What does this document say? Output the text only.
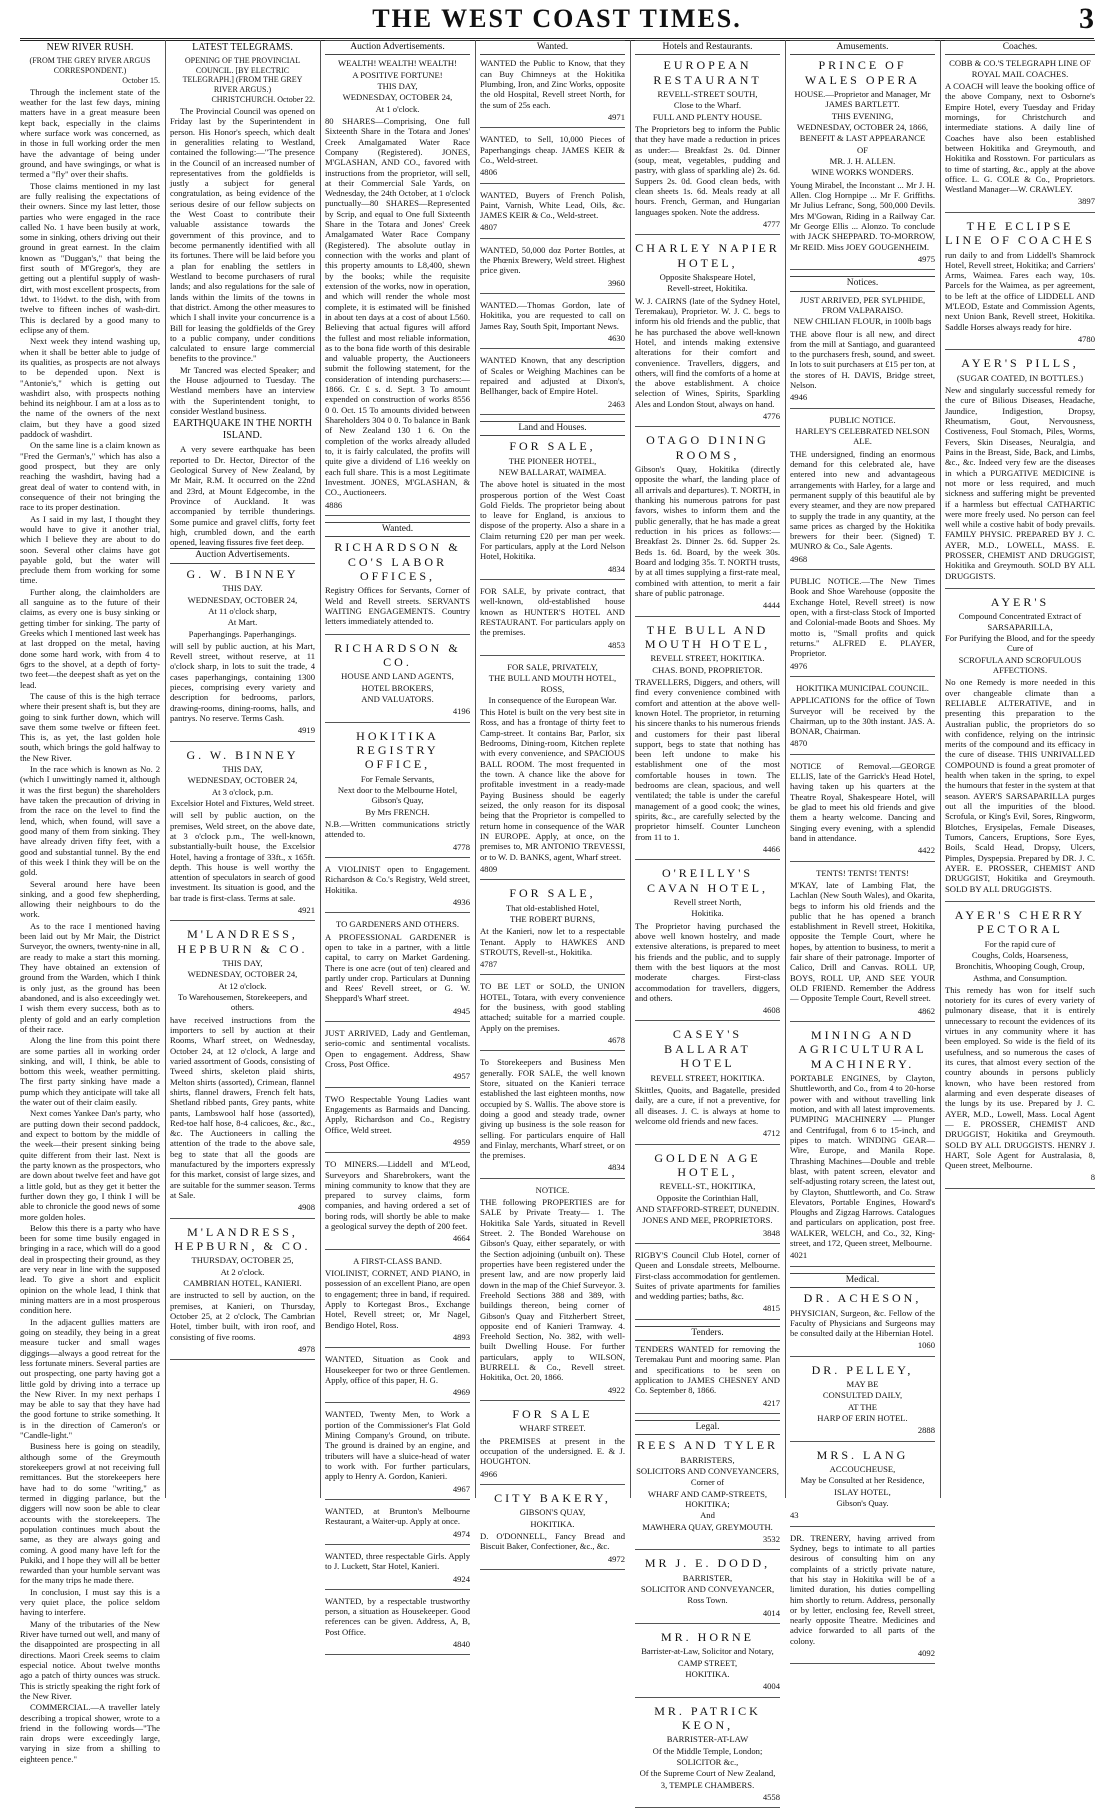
THE WEST COAST TIMES.	3
NEW RIVER RUSH.
(FROM THE GREY RIVER ARGUS CORRESPONDENT.)
October 15.

Through the inclement state of the weather for the last few days, mining matters have in a great measure been kept back, especially in the claims where surface work was concerned, as in those in full working order the men have the advantage of being under ground, and have swingings, or what is termed a "fly" over their shafts.

Those claims mentioned in my last are fully realising the expectations of their owners. Since my last letter, those parties who were engaged in the race called No. 1 have been busily at work, some in sinking, others driving out their ground in great earnest. In the claim known as "Duggan's," that being the first south of M'Gregor's, they are getting out a plentiful supply of wash-dirt, with most excellent prospects, from 1dwt. to 1½dwt. to the dish, with from twelve to fifteen inches of wash-dirt. This is declared by a good many to eclipse any of them.

Next week they intend washing up, when it shall be better able to judge of its qualities, as prospects are not always to be depended upon. Next is "Antonie's," which is getting out washdirt also, with prospects nothing behind its neighbour. I am at a loss as to the name of the owners of the next claim, but they have a good sized paddock of washdirt.

On the same line is a claim known as "Fred the German's," which has also a good prospect, but they are only reaching the washdirt, having had a great deal of water to contend with, in consequence of their not bringing the race to its proper destination.

As I said in my last, I thought they would have to give it another trial, which I believe they are about to do soon. Several other claims have got payable gold, but the water will preclude them from working for some time.

Further along, the claimholders are all sanguine as to the future of their claims, as every one is busy sinking or getting timber for sinking. The party of Greeks which I mentioned last week has at last dropped on the metal, having done some hard work, with from 4 to 6grs to the shovel, at a depth of forty-two feet—the deepest shaft as yet on the lead.

The cause of this is the high terrace where their present shaft is, but they are going to sink further down, which will save them some twelve or fifteen feet. This is, as yet, the last golden hole south, which brings the gold halfway to the New River.

In the race which is known as No. 2 (which I unwittingly named it, although it was the first begun) the shareholders have taken the precaution of driving in from the race on the level to find the lend, which, when found, will save a good many of them from sinking. They have already driven fifty feet, with a good and substantial tunnel. By the end of this week I think they will be on the gold.

Several around here have been sinking, and a good few shepherding, allowing their neighbours to do the work.

As to the race I mentioned having been laid out by Mr Mair, the District Surveyor, the owners, twenty-nine in all, are ready to make a start this morning. They have obtained an extension of ground from the Warden, which I think is only just, as the ground has been abandoned, and is also exceedingly wet. I wish them every success, both as to plenty of gold and an early completion of their race.

Along the line from this point there are some parties all in working order sinking, and will, I think, be able to bottom this week, weather permitting. The first party sinking have made a pump which they anticipate will take all the water out of their claim easily.

Next comes Yankee Dan's party, who are putting down their second paddock, and expect to bottom by the middle of the week—their present sinking being quite different from their last. Next is the party known as the prospectors, who are down about twelve feet and have got a little gold, but as they get it better the further down they go, I think I will be able to chronicle the good news of some more golden holes.

Below this there is a party who have been for some time busily engaged in bringing in a race, which will do a good deal in prospecting their ground, as they are very near in line with the supposed lead. To give a short and explicit opinion on the whole lead, I think that mining matters are in a most prosperous condition here.

In the adjacent gullies matters are going on steadily, they being in a great measure tucker and small wages diggings—always a good retreat for the less fortunate miners. Several parties are out prospecting, one party having got a little gold by driving into a terrace up the New River. In my next perhaps I may be able to say that they have had the good fortune to strike something. It is in the direction of Cameron's or "Candle-light."

Business here is going on steadily, although some of the Greymouth storekeepers growl at not receiving full remittances. But the storekeepers here have had to do some "writing," as termed in digging parlance, but the diggers will now soon be able to clear accounts with the storekeepers. The population continues much about the same, as they are always going and coming. A good many have left for the Pukiki, and I hope they will all be better rewarded than your humble servant was for the many trips he made there.

In conclusion, I must say this is a very quiet place, the police seldom having to interfere.

Many of the tributaries of the New River have turned out well, and many of the disappointed are prospecting in all directions. Maori Creek seems to claim especial notice. About twelve months ago a patch of thirty ounces was struck. This is strictly speaking the right fork of the New River.

COMMERCIAL.—A traveller lately describing a tropical shower, wrote to a friend in the following words—"The rain drops were exceedingly large, varying in size from a shilling to eighteen pence."

LATEST TELEGRAMS.
OPENING OF THE PROVINCIAL COUNCIL. [BY ELECTRIC TELEGRAPH.] (FROM THE GREY RIVER ARGUS.)
CHRISTCHURCH. October 22.

The Provincial Council was opened on Friday last by the Superintendent in person. His Honor's speech, which dealt in generalities relating to Westland, contained the following:—"The presence in the Council of an increased number of representatives from the goldfields is justly a subject for general congratulation, as being evidence of the serious desire of our fellow subjects on the West Coast to contribute their valuable assistance towards the government of this province, and to become permanently identified with all its fortunes. There will be laid before you a plan for enabling the settlers in Westland to become purchasers of rural lands; and also regulations for the sale of lands within the limits of the towns in that district. Among the other measures to which I shall invite your concurrence is a Bill for leasing the goldfields of the Grey to a public company, under conditions calculated to ensure large commercial benefits to the province."

Mr Tancred was elected Speaker; and the House adjourned to Tuesday. The Westland members have an interview with the Superintendent tonight, to consider Westland business.

EARTHQUAKE IN THE NORTH ISLAND.

A very severe earthquake has been reported to Dr. Hector, Director of the Geological Survey of New Zealand, by Mr Mair, R.M. It occurred on the 22nd and 23rd, at Mount Edgecombe, in the Province of Auckland. It was accompanied by terrible thunderings. Some pumice and gravel cliffs, forty feet high, crumbled down, and the earth opened, leaving fissures five feet deep.

Auction Advertisements.
G. W. BINNEY
THIS DAY.
WEDNESDAY, OCTOBER 24,
At 11 o'clock sharp,
At Mart.
Paperhangings. Paperhangings.
will sell by public auction, at his Mart, Revell street, without reserve, at 11 o'clock sharp, in lots to suit the trade, 4 cases paperhangings, containing 1300 pieces, comprising every variety and description for bedrooms, parlors, drawing-rooms, dining-rooms, halls, and pantrys. No reserve. Terms Cash.
4919
G. W. BINNEY
THIS DAY,
WEDNESDAY, OCTOBER 24,
At 3 o'clock, p.m.
Excelsior Hotel and Fixtures, Weld street.
will sell by public auction, on the premises, Weld street, on the above date, at 3 o'clock p.m., The well-known, substantially-built house, the Excelsior Hotel, having a frontage of 33ft., x 165ft. depth. This house is well worthy the attention of speculators in search of good investment. Its situation is good, and the bar trade is first-class. Terms at sale.
4921
M'LANDRESS, HEPBURN & CO.
THIS DAY,
WEDNESDAY, OCTOBER 24,
At 12 o'clock.
To Warehousemen, Storekeepers, and others.
have received instructions from the importers to sell by auction at their Rooms, Wharf street, on Wednesday, October 24, at 12 o'clock, A large and varied assortment of Goods, consisting of Tweed shirts, skeleton plaid shirts, Melton shirts (assorted), Crimean, flannel shirts, flannel drawers, French felt hats, Shetland ribbed pants, Grey pants, white pants, Lambswool half hose (assorted), Red-toe half hose, 8-4 calicoes, &c., &c., &c. The Auctioneers in calling the attention of the trade to the above sale, beg to state that all the goods are manufactured by the importers expressly for this market, consist of large sizes, and are suitable for the summer season. Terms at Sale.
4908
M'LANDRESS, HEPBURN, & CO.
THURSDAY, OCTOBER 25,
At 2 o'clock.
CAMBRIAN HOTEL, KANIERI.
are instructed to sell by auction, on the premises, at Kanieri, on Thursday, October 25, at 2 o'clock, The Cambrian Hotel, timber built, with iron roof, and consisting of five rooms.
4978
Auction Advertisements.
WEALTH! WEALTH! WEALTH!
A POSITIVE FORTUNE!
THIS DAY,
WEDNESDAY, OCTOBER 24,
At 1 o'clock.
80 SHARES—Comprising, One full Sixteenth Share in the Totara and Jones' Creek Amalgamated Water Race Company (Registered). JONES, M'GLASHAN, AND CO., favored with instructions from the proprietor, will sell, at their Commercial Sale Yards, on Wednesday, the 24th October, at 1 o'clock punctually—80 SHARES—Represented by Scrip, and equal to One full Sixteenth Share in the Totara and Jones' Creek Amalgamated Water Race Company (Registered). The absolute outlay in connection with the works and plant of this property amounts to L8,400, shewn by the books; while the requisite extension of the works, now in operation, and which will render the whole most complete, it is estimated will be finished in about ten days at a cost of about L560. Believing that actual figures will afford the fullest and most reliable information, as to the bona fide worth of this desirable and valuable property, the Auctioneers submit the following statement, for the consideration of intending purchasers:— 1866. Cr. £ s. d. Sept. 3 To amount expended on construction of works 8556 0 0. Oct. 15 To amounts divided between Shareholders 304 0 0. To balance in Bank of New Zealand 130 1 6. On the completion of the works already alluded to, it is fairly calculated, the profits will quite give a dividend of L16 weekly on each full share. This is a most Legitimate Investment. JONES, M'GLASHAN, & CO., Auctioneers.
4886
Wanted.
RICHARDSON & CO'S LABOR OFFICES,
Registry Offices for Servants, Corner of Weld and Revell streets. SERVANTS WAITING ENGAGEMENTS. Country letters immediately attended to.
RICHARDSON & CO.
HOUSE AND LAND AGENTS,
HOTEL BROKERS,
AND VALUATORS.
4196
HOKITIKA REGISTRY OFFICE,
For Female Servants,
Next door to the Melbourne Hotel, Gibson's Quay,
By Mrs FRENCH.
N.B.—Written communications strictly attended to.
4778
A VIOLINIST open to Engagement. Richardson & Co.'s Registry, Weld street, Hokitika.
4936
TO GARDENERS AND OTHERS.
A PROFESSIONAL GARDENER is open to take in a partner, with a little capital, to carry on Market Gardening. There is one acre (out of ten) cleared and partly under crop. Particulars at Dunning and Rees' Revell street, or G. W. Sheppard's Wharf street.
4945
JUST ARRIVED, Lady and Gentleman, serio-comic and sentimental vocalists. Open to engagement. Address, Shaw Cross, Post Office.
4957
TWO Respectable Young Ladies want Engagements as Barmaids and Dancing. Apply, Richardson and Co., Registry Office, Weld street.
4959
TO MINERS.—Liddell and M'Leod, Surveyors and Sharebrokers, want the mining community to know that they are prepared to survey claims, form companies, and having ordered a set of boring rods, will shortly be able to make a geological survey the depth of 200 feet.
4664
A FIRST-CLASS BAND.
VIOLINIST, CORNET, AND PIANO, in possession of an excellent Piano, are open to engagement; three in band, if required. Apply to Kortegast Bros., Exchange Hotel, Revell street; or, Mr Nagel, Bendigo Hotel, Ross.
4893
WANTED, Situation as Cook and Housekeeper for two or three Gentlemen. Apply, office of this paper, H. G.
4969
WANTED, Twenty Men, to Work a portion of the Commissioner's Flat Gold Mining Company's Ground, on tribute. The ground is drained by an engine, and tributers will have a sluice-head of water to work with. For further particulars, apply to Henry A. Gordon, Kanieri.
4967
WANTED, at Brunton's Melbourne Restaurant, a Waiter-up. Apply at once.
4974
WANTED, three respectable Girls. Apply to J. Luckett, Star Hotel, Kanieri.
4924
WANTED, by a respectable trustworthy person, a situation as Housekeeper. Good references can be given. Address, A, B, Post Office.
4840
Wanted.
WANTED the Public to Know, that they can Buy Chimneys at the Hokitika Plumbing, Iron, and Zinc Works, opposite the old Hospital, Revell street North, for the sum of 25s each.
4971
WANTED, to Sell, 10,000 Pieces of Paperhangings cheap. JAMES KEIR & Co., Weld-street.
4806
WANTED, Buyers of French Polish, Paint, Varnish, White Lead, Oils, &c. JAMES KEIR & Co., Weld-street.
4807
WANTED, 50,000 doz Porter Bottles, at the Phœnix Brewery, Weld street. Highest price given.
3960
WANTED.—Thomas Gordon, late of Hokitika, you are requested to call on James Ray, South Spit, Important News.
4630
WANTED Known, that any description of Scales or Weighing Machines can be repaired and adjusted at Dixon's, Bellhanger, back of Empire Hotel.
2463
Land and Houses.
FOR SALE,
THE PIONEER HOTEL,
NEW BALLARAT, WAIMEA.
The above hotel is situated in the most prosperous portion of the West Coast Gold Fields. The proprietor being about to leave for England, is anxious to dispose of the property. Also a share in a Claim returning £20 per man per week. For particulars, apply at the Lord Nelson Hotel, Hokitika.
4834
FOR SALE, by private contract, that well-known, old-established house known as HUNTER'S HOTEL AND RESTAURANT. For particulars apply on the premises.
4853
FOR SALE, PRIVATELY,
THE BULL AND MOUTH HOTEL, ROSS,
In consequence of the European War.
This Hotel is built on the very best site in Ross, and has a frontage of thirty feet to Camp-street. It contains Bar, Parlor, six Bedrooms, Dining-room, Kitchen replete with every convenience, and SPACIOUS BALL ROOM. The most frequented in the town. A chance like the above for profitable investment in a ready-made Paying Business should be eagerly seized, the only reason for its disposal being that the Proprietor is compelled to return home in consequence of the WAR IN EUROPE. Apply, at once, on the premises to, MR ANTONIO TREVESSI, or to W. D. BANKS, agent, Wharf street.
4809
FOR SALE,
That old-established Hotel,
THE ROBERT BURNS,
At the Kanieri, now let to a respectable Tenant. Apply to HAWKES AND STROUTS, Revell-st., Hokitika.
4787
TO BE LET or SOLD, the UNION HOTEL, Totara, with every convenience for the business, with good stabling attached; suitable for a married couple. Apply on the premises.
4678
To Storekeepers and Business Men generally. FOR SALE, the well known Store, situated on the Kanieri terrace established the last eighteen months, now occupied by S. Wallis. The above store is doing a good and steady trade, owner giving up business is the sole reason for selling. For particulars enquire of Hall and Finlay, merchants, Wharf street, or on the premises.
4834
NOTICE.
THE following PROPERTIES are for SALE by Private Treaty— 1. The Hokitika Sale Yards, situated in Revell Street. 2. The Bonded Warehouse on Gibson's Quay, either separately, or with the Section adjoining (unbuilt on). These properties have been registered under the present law, and are now properly laid down in the map of the Chief Surveyor. 3. Freehold Sections 388 and 389, with buildings thereon, being corner of Gibson's Quay and Fitzherbert Street, opposite end of Kanieri Tramway. 4. Freehold Section, No. 382, with well-built Dwelling House. For further particulars, apply to WILSON, BURRELL & Co., Revell street. Hokitika, Oct. 20, 1866.
4922
FOR SALE
WHARF STREET.
the PREMISES at present in the occupation of the undersigned. E. & J. HOUGHTON.
4966
CITY BAKERY,
GIBSON'S QUAY,
HOKITIKA.
D. O'DONNELL, Fancy Bread and Biscuit Baker, Confectioner, &c., &c.
4972
Hotels and Restaurants.
EUROPEAN RESTAURANT
REVELL-STREET SOUTH,
Close to the Wharf.
FULL AND PLENTY HOUSE.
The Proprietors beg to inform the Public that they have made a reduction in prices as under:— Breakfast 2s. 0d. Dinner (soup, meat, vegetables, pudding and pastry, with glass of sparkling ale) 2s. 6d. Suppers 2s. 0d. Good clean beds, with clean sheets 1s. 6d. Meals ready at all hours. French, German, and Hungarian languages spoken. Note the address.
4777
CHARLEY NAPIER HOTEL,
Opposite Shakspeare Hotel,
Revell-street, Hokitika.
W. J. CAIRNS (late of the Sydney Hotel, Teremakau), Proprietor. W. J. C. begs to inform his old friends and the public, that he has purchased the above well-known Hotel, and intends making extensive alterations for their comfort and convenience. Travellers, diggers, and others, will find the comforts of a home at the above establishment. A choice selection of Wines, Spirits, Sparkling Ales and London Stout, always on hand.
4776
OTAGO DINING ROOMS,
Gibson's Quay, Hokitika (directly opposite the wharf, the landing place of all arrivals and departures). T. NORTH, in thanking his numerous patrons for past favors, wishes to inform them and the public generally, that he has made a great reduction in his prices as follows:— Breakfast 2s. Dinner 2s. 6d. Supper 2s. Beds 1s. 6d. Board, by the week 30s. Board and lodging 35s. T. NORTH trusts, by at all times supplying a first-rate meal, combined with attention, to merit a fair share of public patronage.
4444
THE BULL AND MOUTH HOTEL,
REVELL STREET, HOKITIKA.
CHAS. BOND, PROPRIETOR.
TRAVELLERS, Diggers, and others, will find every convenience combined with comfort and attention at the above well-known Hotel. The proprietor, in returning his sincere thanks to his numerous friends and customers for their past liberal support, begs to state that nothing has been left undone to make his establishment one of the most comfortable houses in town. The bedrooms are clean, spacious, and well ventilated; the table is under the careful management of a good cook; the wines, spirits, &c., are carefully selected by the proprietor himself. Counter Luncheon from 11 to 1.
4466
O'REILLY'S CAVAN HOTEL,
Revell street North,
Hokitika.
The Proprietor having purchased the above well known hostelry, and made extensive alterations, is prepared to meet his friends and the public, and to supply them with the best liquors at the most moderate charges. First-class accommodation for travellers, diggers, and others.
4608
CASEY'S BALLARAT HOTEL
REVELL STREET, HOKITIKA.
Skittles, Quoits, and Bagatelle, presided daily, are a cure, if not a preventive, for all diseases. J. C. is always at home to welcome old friends and new faces.
4712
GOLDEN AGE HOTEL,
REVELL-ST., HOKITIKA,
Opposite the Corinthian Hall,
AND STAFFORD-STREET, DUNEDIN.
JONES AND MEE, PROPRIETORS.
3848
RIGBY'S Council Club Hotel, corner of Queen and Lonsdale streets, Melbourne. First-class accommodation for gentlemen. Suites of private apartments for families and wedding parties; baths, &c.
4815
Tenders.
TENDERS WANTED for removing the Teremakau Punt and mooring same. Plan and specifications to be seen on application to JAMES CHESNEY AND Co. September 8, 1866.
4217
Legal.
REES AND TYLER
BARRISTERS,
SOLICITORS AND CONVEYANCERS,
Corner of
WHARF AND CAMP-STREETS, HOKITIKA;
And
MAWHERA QUAY, GREYMOUTH.
3532
MR J. E. DODD,
BARRISTER,
SOLICITOR AND CONVEYANCER,
Ross Town.
4014
MR. HORNE
Barrister-at-Law, Solicitor and Notary,
CAMP STREET,
HOKITIKA.
4004
MR. PATRICK KEON,
BARRISTER-AT-LAW
Of the Middle Temple, London;
SOLICITOR &c.,
Of the Supreme Court of New Zealand,
3, TEMPLE CHAMBERS.
4558
Amusements.
PRINCE OF WALES OPERA
HOUSE.—Proprietor and Manager, Mr JAMES BARTLETT.
THIS EVENING,
WEDNESDAY, OCTOBER 24, 1866,
BENEFIT & LAST APPEARANCE
OF
MR. J. H. ALLEN.
WINE WORKS WONDERS.
Young Mirabel, the Inconstant ... Mr J. H. Allen. Clog Hornpipe ... Mr F. Griffiths. Mr Julius Lefranc, Song, 500,000 Devils. Mrs M'Gowan, Riding in a Railway Car. Mr George Ellis ... Alonzo. To conclude with JACK SHEPPARD. TO-MORROW, Mr REID. Miss JOEY GOUGENHEIM.
4975
Notices.
JUST ARRIVED, PER SYLPHIDE, FROM VALPARAISO.
NEW CHILIAN FLOUR, in 100lb bags
THE above flour is all new, and direct from the mill at Santiago, and guaranteed to the purchasers fresh, sound, and sweet. In lots to suit purchasers at £15 per ton, at the stores of H. DAVIS, Bridge street, Nelson.
4946
PUBLIC NOTICE.
HARLEY'S CELEBRATED NELSON ALE.
THE undersigned, finding an enormous demand for this celebrated ale, have entered into new and advantageous arrangements with Harley, for a large and permanent supply of this beautiful ale by every steamer, and they are now prepared to supply the trade in any quantity, at the same prices as charged by the Hokitika brewers for their beer. (Signed) T. MUNRO & Co., Sale Agents.
4968
PUBLIC NOTICE.—The New Times Book and Shoe Warehouse (opposite the Exchange Hotel, Revell street) is now open, with a first-class Stock of Imported and Colonial-made Boots and Shoes. My motto is, "Small profits and quick returns." ALFRED E. PLAYER, Proprietor.
4976
HOKITIKA MUNICIPAL COUNCIL.
APPLICATIONS for the office of Town Surveyor will be received by the Chairman, up to the 30th instant. JAS. A. BONAR, Chairman.
4870
NOTICE of Removal.—GEORGE ELLIS, late of the Garrick's Head Hotel, having taken up his quarters at the Theatre Royal, Shakespeare Hotel, will be glad to meet his old friends and give them a hearty welcome. Dancing and Singing every evening, with a splendid band in attendance.
4422
TENTS! TENTS! TENTS!
M'KAY, late of Lambing Flat, the Lachlan (New South Wales), and Okarita, begs to inform his old friends and the public that he has opened a branch establishment in Revell street, Hokitika, opposite the Temple Court, where he hopes, by attention to business, to merit a fair share of their patronage. Importer of Calico, Drill and Canvas. ROLL UP, BOYS, ROLL UP, AND SEE YOUR OLD FRIEND. Remember the Address — Opposite Temple Court, Revell street.
4862
MINING AND AGRICULTURAL MACHINERY.
PORTABLE ENGINES, by Clayton, Shuttleworth, and Co., from 4 to 20-horse power with and without travelling link motion, and with all latest improvements. PUMPING MACHINERY — Plunger and Centrifugal, from 6 to 15-inch, and pipes to match. WINDING GEAR—Wire, Europe, and Manila Rope. Thrashing Machines—Double and treble blast, with patent screen, elevator and self-adjusting rotary screen, the latest out, by Clayton, Shuttleworth, and Co. Straw Elevators, Portable Engines, Howard's Ploughs and Zigzag Harrows. Catalogues and particulars on application, post free. WALKER, WELCH, and Co., 32, King-street, and 172, Queen street, Melbourne.
4021
Medical.
DR. ACHESON,
PHYSICIAN, Surgeon, &c. Fellow of the Faculty of Physicians and Surgeons may be consulted daily at the Hibernian Hotel.
1060
DR. PELLEY,
MAY BE
CONSULTED DAILY,
AT THE
HARP OF ERIN HOTEL.
2888
MRS. LANG
ACCOUCHEUSE,
May be Consulted at her Residence,
ISLAY HOTEL,
Gibson's Quay.
43
DR. TRENERY, having arrived from Sydney, begs to intimate to all parties desirous of consulting him on any complaints of a strictly private nature, that his stay in Hokitika will be of a limited duration, his duties compelling him shortly to return. Address, personally or by letter, enclosing fee, Revell street, nearly opposite Theatre. Medicines and advice forwarded to all parts of the colony.
4092
Coaches.
COBB & CO.'S TELEGRAPH LINE OF ROYAL MAIL COACHES.
A COACH will leave the booking office of the above Company, next to Osborne's Empire Hotel, every Tuesday and Friday mornings, for Christchurch and intermediate stations. A daily line of Coaches have also been established between Hokitika and Greymouth, and Hokitika and Rosstown. For particulars as to time of starting, &c., apply at the above office. L. G. COLE & Co., Proprietors. Westland Manager—W. CRAWLEY.
3897
THE ECLIPSE LINE OF COACHES
run daily to and from Liddell's Shamrock Hotel, Revell street, Hokitika; and Carriers' Arms, Waimea. Fares each way, 10s. Parcels for the Waimea, as per agreement, to be left at the office of LIDDELL AND M'LEOD, Estate and Commission Agents, next Union Bank, Revell street, Hokitika. Saddle Horses always ready for hire.
4780
AYER'S PILLS,
(SUGAR COATED, IN BOTTLES.)
New and singularly successful remedy for the cure of Bilious Diseases, Headache, Jaundice, Indigestion, Dropsy, Rheumatism, Gout, Nervousness, Costiveness, Foul Stomach, Piles, Worms, Fevers, Skin Diseases, Neuralgia, and Pains in the Breast, Side, Back, and Limbs, &c., &c. Indeed very few are the diseases in which a PURGATIVE MEDICINE is not more or less required, and much sickness and suffering might be prevented if a harmless but effectual CATHARTIC were more freely used. No person can feel well while a costive habit of body prevails. FAMILY PHYSIC. PREPARED BY J. C. AYER, M.D., LOWELL, MASS. E. PROSSER, CHEMIST AND DRUGGIST, Hokitika and Greymouth. SOLD BY ALL DRUGGISTS.
AYER'S
Compound Concentrated Extract of SARSAPARILLA,
For Purifying the Blood, and for the speedy Cure of
SCROFULA AND SCROFULOUS AFFECTIONS.
No one Remedy is more needed in this over changeable climate than a RELIABLE ALTERATIVE, and in presenting this preparation to the Australian public, the proprietors do so with confidence, relying on the intrinsic merits of the compound and its efficacy in the cure of disease. THIS UNRIVALLED COMPOUND is found a great promoter of health when taken in the spring, to expel the humours that fester in the system at that season. AYER'S SARSAPARILLA purges out all the impurities of the blood. Scrofula, or King's Evil, Sores, Ringworm, Blotches, Erysipelas, Female Diseases, Tumors, Cancers, Eruptions, Sore Eyes, Boils, Scald Head, Dropsy, Ulcers, Pimples, Dyspepsia. Prepared by DR. J. C. AYER. E. PROSSER, CHEMIST AND DRUGGIST, Hokitika and Greymouth. SOLD BY ALL DRUGGISTS.
AYER'S CHERRY PECTORAL
For the rapid cure of
Coughs, Colds, Hoarseness,
Bronchitis, Whooping Cough, Croup,
Asthma, and Consumption.
This remedy has won for itself such notoriety for its cures of every variety of pulmonary disease, that it is entirely unnecessary to recount the evidences of its virtues in any community where it has been employed. So wide is the field of its usefulness, and so numerous the cases of its cures, that almost every section of the country abounds in persons publicly known, who have been restored from alarming and even desperate diseases of the lungs by its use. Prepared by J. C. AYER, M.D., Lowell, Mass. Local Agent— E. PROSSER, CHEMIST AND DRUGGIST, Hokitika and Greymouth. SOLD BY ALL DRUGGISTS. HENRY J. HART, Sole Agent for Australasia, 8, Queen street, Melbourne.
8
